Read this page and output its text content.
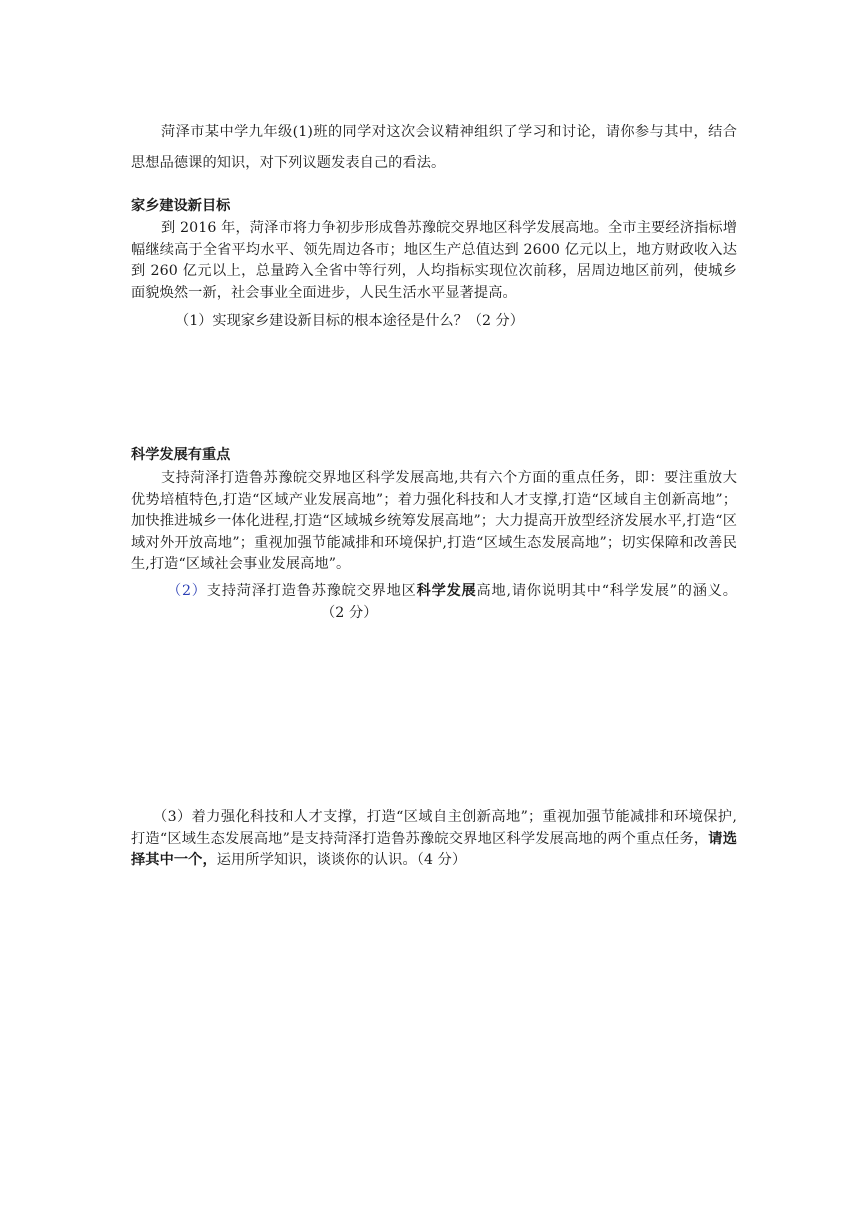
菏泽市某中学九年级(1)班的同学对这次会议精神组织了学习和讨论，请你参与其中，结合思想品德课的知识，对下列议题发表自己的看法。
家乡建设新目标
到 2016 年，菏泽市将力争初步形成鲁苏豫皖交界地区科学发展高地。全市主要经济指标增幅继续高于全省平均水平、领先周边各市；地区生产总值达到 2600 亿元以上，地方财政收入达到 260 亿元以上，总量跨入全省中等行列，人均指标实现位次前移，居周边地区前列，使城乡面貌焕然一新，社会事业全面进步，人民生活水平显著提高。
（1）实现家乡建设新目标的根本途径是什么？（2 分）
科学发展有重点
支持菏泽打造鲁苏豫皖交界地区科学发展高地,共有六个方面的重点任务，即：要注重放大优势培植特色,打造“区域产业发展高地”；着力强化科技和人才支撑,打造“区域自主创新高地”；加快推进城乡一体化进程,打造“区域城乡统筹发展高地”；大力提高开放型经济发展水平,打造“区域对外开放高地”；重视加强节能减排和环境保护,打造“区域生态发展高地”；切实保障和改善民生,打造“区域社会事业发展高地”。
（2）支持菏泽打造鲁苏豫皖交界地区科学发展高地,请你说明其中“科学发展”的涵义。（2 分）
（3）着力强化科技和人才支撑，打造“区域自主创新高地”；重视加强节能减排和环境保护,打造“区域生态发展高地”是支持菏泽打造鲁苏豫皖交界地区科学发展高地的两个重点任务，请选择其中一个，运用所学知识，谈谈你的认识。（4 分）
